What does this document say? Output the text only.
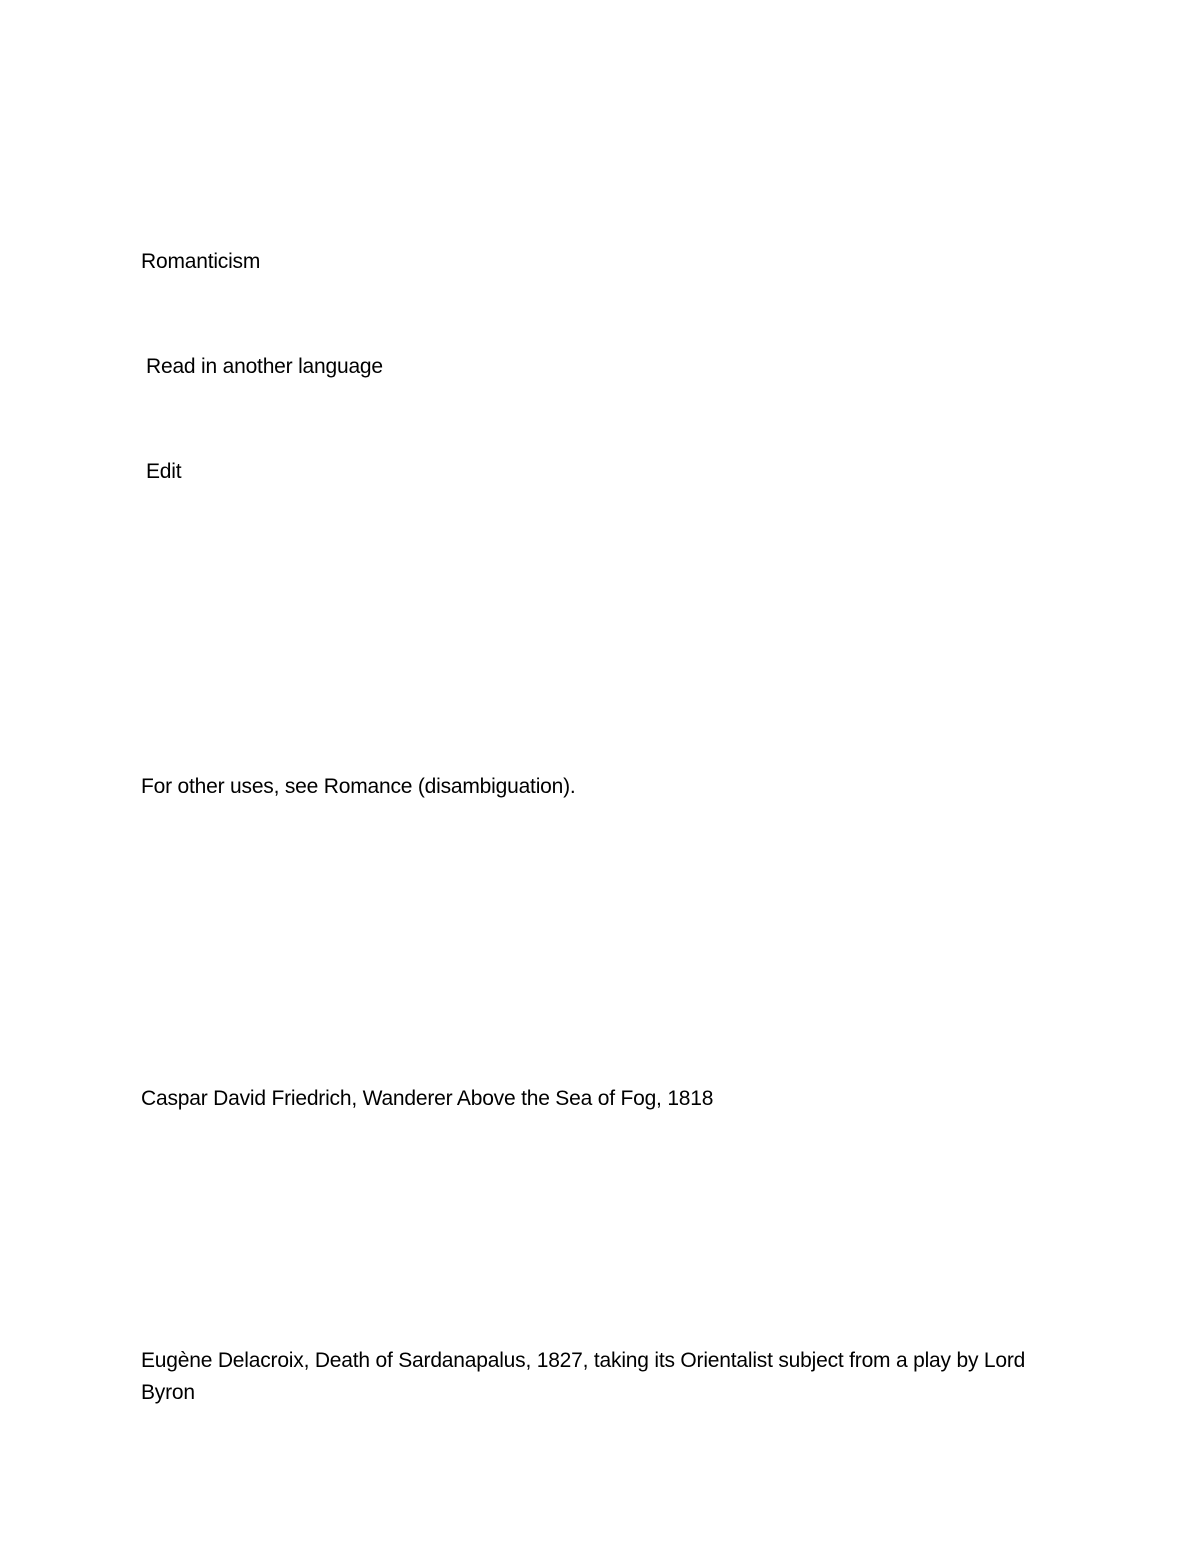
Romanticism
Read in another language
Edit
For other uses, see Romance (disambiguation).
Caspar David Friedrich, Wanderer Above the Sea of Fog, 1818
Eugène Delacroix, Death of Sardanapalus, 1827, taking its Orientalist subject from a play by Lord Byron
